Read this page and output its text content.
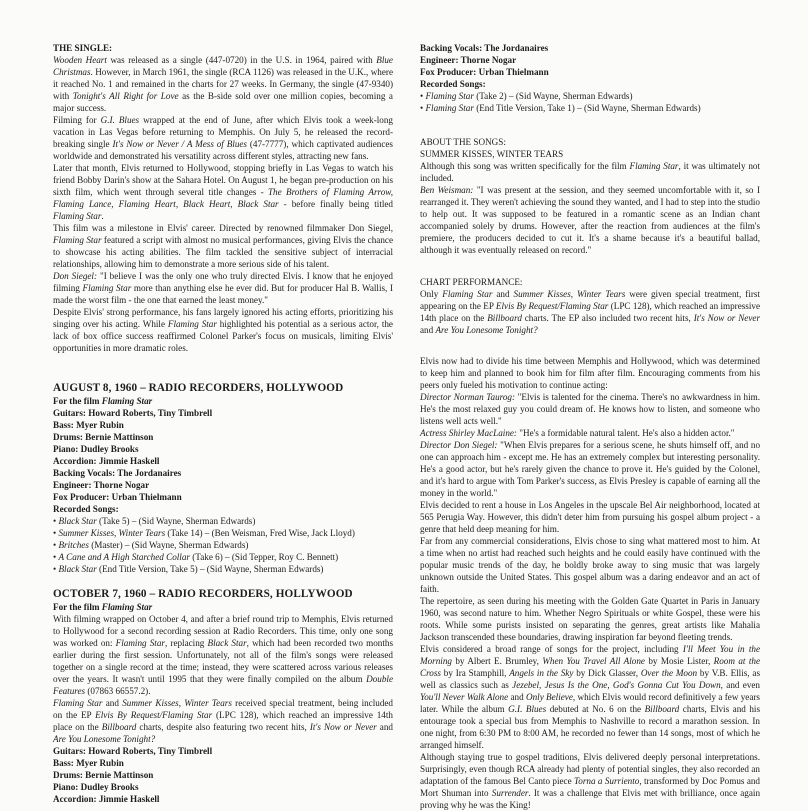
THE SINGLE:

Wooden Heart was released as a single (447-0720) in the U.S. in 1964, paired with Blue Christmas. However, in March 1961, the single (RCA 1126) was released in the U.K., where it reached No. 1 and remained in the charts for 27 weeks. In Germany, the single (47-9340) with Tonight's All Right for Love as the B-side sold over one million copies, becoming a major success.

Filming for G.I. Blues wrapped at the end of June, after which Elvis took a week-long vacation in Las Vegas before returning to Memphis. On July 5, he released the record-breaking single It's Now or Never / A Mess of Blues (47-7777), which captivated audiences worldwide and demonstrated his versatility across different styles, attracting new fans.

Later that month, Elvis returned to Hollywood, stopping briefly in Las Vegas to watch his friend Bobby Darin's show at the Sahara Hotel. On August 1, he began pre-production on his sixth film, which went through several title changes - The Brothers of Flaming Arrow, Flaming Lance, Flaming Heart, Black Heart, Black Star - before finally being titled Flaming Star.

This film was a milestone in Elvis' career. Directed by renowned filmmaker Don Siegel, Flaming Star featured a script with almost no musical performances, giving Elvis the chance to showcase his acting abilities. The film tackled the sensitive subject of interracial relationships, allowing him to demonstrate a more serious side of his talent.

Don Siegel: "I believe I was the only one who truly directed Elvis. I know that he enjoyed filming Flaming Star more than anything else he ever did. But for producer Hal B. Wallis, I made the worst film - the one that earned the least money."

Despite Elvis' strong performance, his fans largely ignored his acting efforts, prioritizing his singing over his acting. While Flaming Star highlighted his potential as a serious actor, the lack of box office success reaffirmed Colonel Parker's focus on musicals, limiting Elvis' opportunities in more dramatic roles.

AUGUST 8, 1960 – RADIO RECORDERS, HOLLYWOOD
For the film Flaming Star
Guitars: Howard Roberts, Tiny Timbrell
Bass: Myer Rubin
Drums: Bernie Mattinson
Piano: Dudley Brooks
Accordion: Jimmie Haskell
Backing Vocals: The Jordanaires
Engineer: Thorne Nogar
Fox Producer: Urban Thielmann
Recorded Songs:
• Black Star (Take 5) – (Sid Wayne, Sherman Edwards)
• Summer Kisses, Winter Tears (Take 14) – (Ben Weisman, Fred Wise, Jack Lloyd)
• Britches (Master) – (Sid Wayne, Sherman Edwards)
• A Cane and A High Starched Collar (Take 6) – (Sid Tepper, Roy C. Bennett)
• Black Star (End Title Version, Take 5) – (Sid Wayne, Sherman Edwards)
OCTOBER 7, 1960 – RADIO RECORDERS, HOLLYWOOD
For the film Flaming Star

With filming wrapped on October 4, and after a brief round trip to Memphis, Elvis returned to Hollywood for a second recording session at Radio Recorders. This time, only one song was worked on: Flaming Star, replacing Black Star, which had been recorded two months earlier during the first session. Unfortunately, not all of the film's songs were released together on a single record at the time; instead, they were scattered across various releases over the years. It wasn't until 1995 that they were finally compiled on the album Double Features (07863 66557.2).

Flaming Star and Summer Kisses, Winter Tears received special treatment, being included on the EP Elvis By Request/Flaming Star (LPC 128), which reached an impressive 14th place on the Billboard charts, despite also featuring two recent hits, It's Now or Never and Are You Lonesome Tonight?

Guitars: Howard Roberts, Tiny Timbrell
Bass: Myer Rubin
Drums: Bernie Mattinson
Piano: Dudley Brooks
Accordion: Jimmie Haskell
Backing Vocals: The Jordanaires
Engineer: Thorne Nogar
Fox Producer: Urban Thielmann
Recorded Songs:
• Flaming Star (Take 2) – (Sid Wayne, Sherman Edwards)
• Flaming Star (End Title Version, Take 1) – (Sid Wayne, Sherman Edwards)
ABOUT THE SONGS:
SUMMER KISSES, WINTER TEARS

Although this song was written specifically for the film Flaming Star, it was ultimately not included.

Ben Weisman: "I was present at the session, and they seemed uncomfortable with it, so I rearranged it. They weren't achieving the sound they wanted, and I had to step into the studio to help out. It was supposed to be featured in a romantic scene as an Indian chant accompanied solely by drums. However, after the reaction from audiences at the film's premiere, the producers decided to cut it. It's a shame because it's a beautiful ballad, although it was eventually released on record."

CHART PERFORMANCE:

Only Flaming Star and Summer Kisses, Winter Tears were given special treatment, first appearing on the EP Elvis By Request/Flaming Star (LPC 128), which reached an impressive 14th place on the Billboard charts. The EP also included two recent hits, It's Now or Never and Are You Lonesome Tonight?

Elvis now had to divide his time between Memphis and Hollywood, which was determined to keep him and planned to book him for film after film. Encouraging comments from his peers only fueled his motivation to continue acting:

Director Norman Taurog: "Elvis is talented for the cinema. There's no awkwardness in him. He's the most relaxed guy you could dream of. He knows how to listen, and someone who listens well acts well."

Actress Shirley MacLaine: "He's a formidable natural talent. He's also a hidden actor."

Director Don Siegel: "When Elvis prepares for a serious scene, he shuts himself off, and no one can approach him - except me. He has an extremely complex but interesting personality. He's a good actor, but he's rarely given the chance to prove it. He's guided by the Colonel, and it's hard to argue with Tom Parker's success, as Elvis Presley is capable of earning all the money in the world."

Elvis decided to rent a house in Los Angeles in the upscale Bel Air neighborhood, located at 565 Perugia Way. However, this didn't deter him from pursuing his gospel album project - a genre that held deep meaning for him.

Far from any commercial considerations, Elvis chose to sing what mattered most to him. At a time when no artist had reached such heights and he could easily have continued with the popular music trends of the day, he boldly broke away to sing music that was largely unknown outside the United States. This gospel album was a daring endeavor and an act of faith.

The repertoire, as seen during his meeting with the Golden Gate Quartet in Paris in January 1960, was second nature to him. Whether Negro Spirituals or white Gospel, these were his roots. While some purists insisted on separating the genres, great artists like Mahalia Jackson transcended these boundaries, drawing inspiration far beyond fleeting trends.

Elvis considered a broad range of songs for the project, including I'll Meet You in the Morning by Albert E. Brumley, When You Travel All Alone by Mosie Lister, Room at the Cross by Ira Stamphill, Angels in the Sky by Dick Glasser, Over the Moon by V.B. Ellis, as well as classics such as Jezebel, Jesus Is the One, God's Gonna Cut You Down, and even You'll Never Walk Alone and Only Believe, which Elvis would record definitively a few years later. While the album G.I. Blues debuted at No. 6 on the Billboard charts, Elvis and his entourage took a special bus from Memphis to Nashville to record a marathon session. In one night, from 6:30 PM to 8:00 AM, he recorded no fewer than 14 songs, most of which he arranged himself.

Although staying true to gospel traditions, Elvis delivered deeply personal interpretations. Surprisingly, even though RCA already had plenty of potential singles, they also recorded an adaptation of the famous Bel Canto piece Torna a Surriento, transformed by Doc Pomus and Mort Shuman into Surrender. It was a challenge that Elvis met with brilliance, once again proving why he was the King!
